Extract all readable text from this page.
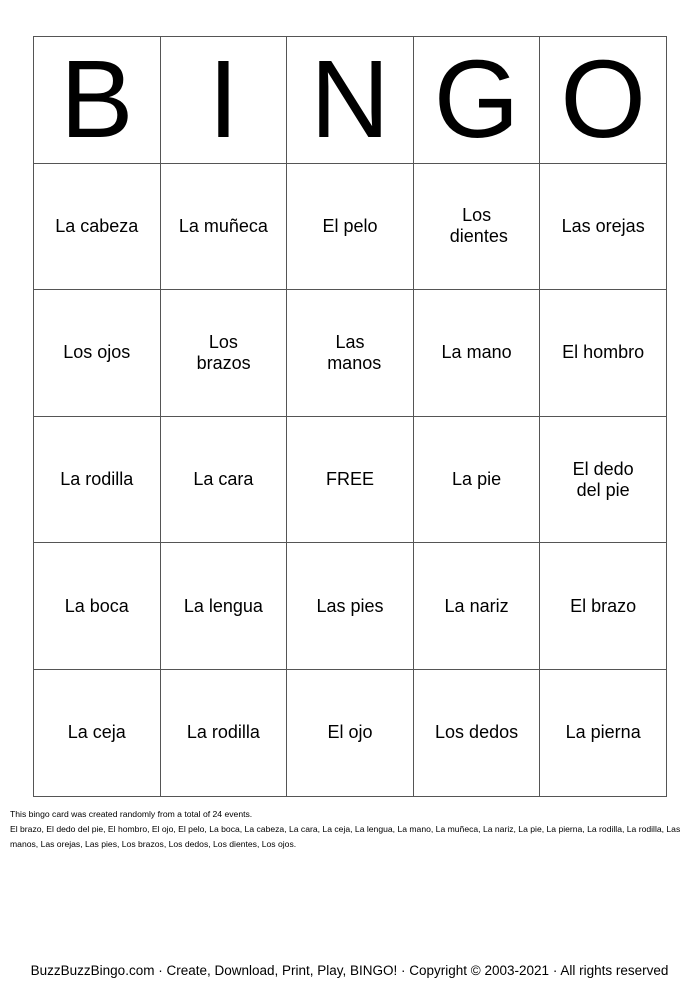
B	I	N	G	O
La cabeza	La muñeca	El pelo	Los dientes	Las orejas
Los ojos	Los brazos	Las manos	La mano	El hombro
La rodilla	La cara	FREE	La pie	El dedo del pie
La boca	La lengua	Las pies	La nariz	El brazo
La ceja	La rodilla	El ojo	Los dedos	La pierna
This bingo card was created randomly from a total of 24 events.
El brazo, El dedo del pie, El hombro, El ojo, El pelo, La boca, La cabeza, La cara, La ceja, La lengua, La mano, La muñeca, La nariz, La pie, La pierna, La rodilla, La rodilla, Las manos, Las orejas, Las pies, Los brazos, Los dedos, Los dientes, Los ojos.
BuzzBuzzBingo.com · Create, Download, Print, Play, BINGO! · Copyright © 2003-2021 · All rights reserved
